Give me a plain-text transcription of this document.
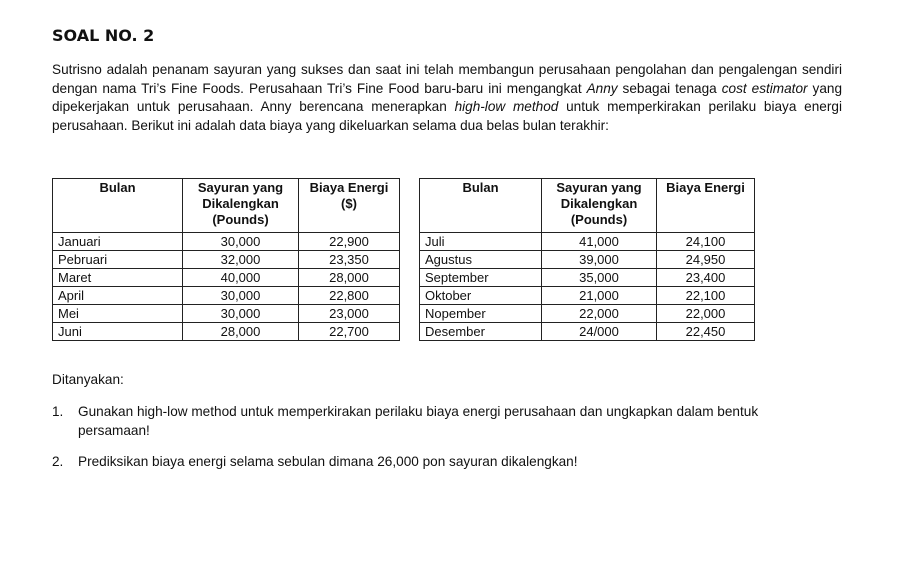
SOAL NO. 2

Sutrisno adalah penanam sayuran yang sukses dan saat ini telah membangun perusahaan pengolahan dan pengalengan sendiri dengan nama Tri’s Fine Foods. Perusahaan Tri’s Fine Food baru-baru ini mengangkat Anny sebagai tenaga cost estimator yang dipekerjakan untuk perusahaan. Anny berencana menerapkan high-low method untuk memperkirakan perilaku biaya energi perusahaan. Berikut ini adalah data biaya yang dikeluarkan selama dua belas bulan terakhir:

Bulan	Sayuran yang Dikalengkan (Pounds)	Biaya Energi ($)
Januari	30,000	22,900
Pebruari	32,000	23,350
Maret	40,000	28,000
April	30,000	22,800
Mei	30,000	23,000
Juni	28,000	22,700
Bulan	Sayuran yang Dikalengkan (Pounds)	Biaya Energi
Juli	41,000	24,100
Agustus	39,000	24,950
September	35,000	23,400
Oktober	21,000	22,100
Nopember	22,000	22,000
Desember	24/000	22,450
Ditanyakan:
1. Gunakan high-low method untuk memperkirakan perilaku biaya energi perusahaan dan ungkapkan dalam bentuk persamaan!
2. Prediksikan biaya energi selama sebulan dimana 26,000 pon sayuran dikalengkan!
